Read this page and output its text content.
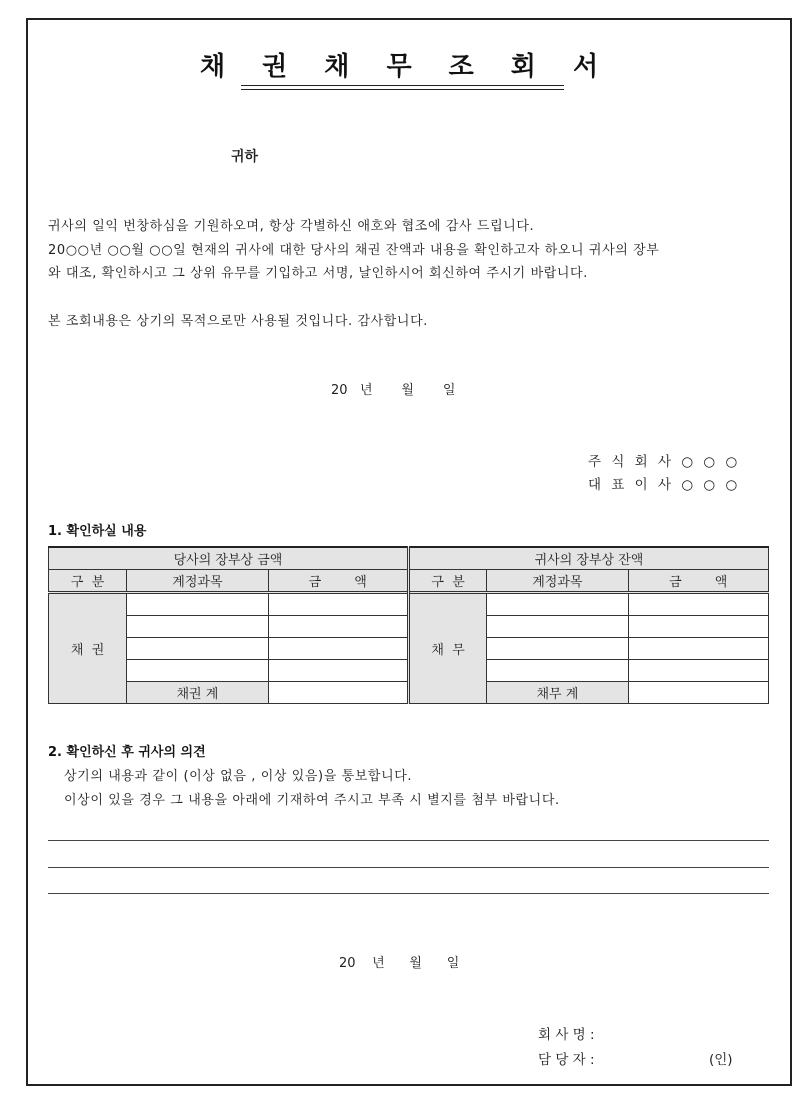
채 권 채 무 조 회 서
귀하
귀사의 일익 번창하심을 기원하오며, 항상 각별하신 애호와 협조에 감사 드립니다.
20○○년 ○○월 ○○일 현재의 귀사에 대한 당사의 채권 잔액과 내용을 확인하고자 하오니 귀사의 장부
와 대조, 확인하시고 그 상위 유무를 기입하고 서명, 날인하시어 회신하여 주시기 바랍니다.
본 조회내용은 상기의 목적으로만 사용될 것입니다. 감사합니다.
20   년       월       일
주 식 회 사 ○ ○ ○
대 표 이 사 ○ ○ ○
1. 확인하실 내용
당사의 장부상 금액			귀사의 장부상 잔액		
구  분	계정과목	금        액	구  분	계정과목	금        액
채  권			채  무		

	채권 계			채무 계	
2. 확인하신 후 귀사의 의견
상기의 내용과 같이 (이상 없음 , 이상 있음)을 통보합니다.
이상이 있을 경우 그 내용을 아래에 기재하여 주시고 부족 시 별지를 첨부 바랍니다.
20    년      월      일
회 사 명 :
담 당 자 :	(인)
